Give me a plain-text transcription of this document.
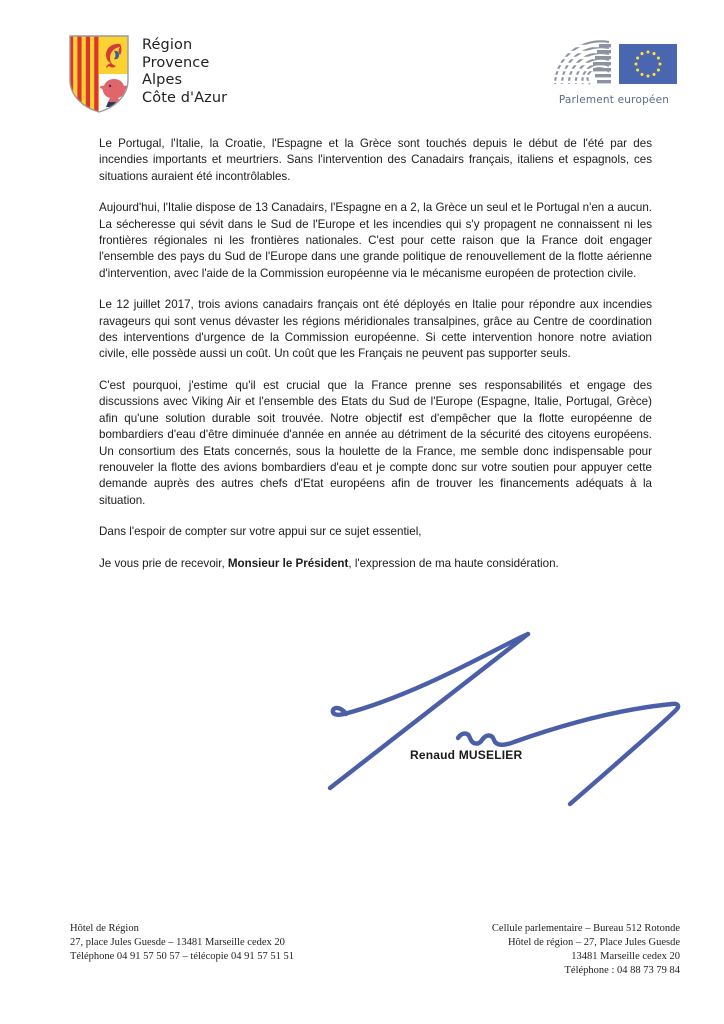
Région
Provence
Alpes
Côte d'Azur	Parlement européen

Le Portugal, l'Italie, la Croatie, l'Espagne et la Grèce sont touchés depuis le début de l'été par des incendies importants et meurtriers. Sans l'intervention des Canadairs français, italiens et espagnols, ces situations auraient été incontrôlables.

Aujourd'hui, l'Italie dispose de 13 Canadairs, l'Espagne en a 2, la Grèce un seul et le Portugal n'en a aucun. La sécheresse qui sévit dans le Sud de l'Europe et les incendies qui s'y propagent ne connaissent ni les frontières régionales ni les frontières nationales. C'est pour cette raison que la France doit engager l'ensemble des pays du Sud de l'Europe dans une grande politique de renouvellement de la flotte aérienne d'intervention, avec l'aide de la Commission européenne via le mécanisme européen de protection civile.

Le 12 juillet 2017, trois avions canadairs français ont été déployés en Italie pour répondre aux incendies ravageurs qui sont venus dévaster les régions méridionales transalpines, grâce au Centre de coordination des interventions d'urgence de la Commission européenne. Si cette intervention honore notre aviation civile, elle possède aussi un coût. Un coût que les Français ne peuvent pas supporter seuls.

C'est pourquoi, j'estime qu'il est crucial que la France prenne ses responsabilités et engage des discussions avec Viking Air et l'ensemble des Etats du Sud de l'Europe (Espagne, Italie, Portugal, Grèce) afin qu'une solution durable soit trouvée. Notre objectif est d'empêcher que la flotte européenne de bombardiers d'eau d'être diminuée d'année en année au détriment de la sécurité des citoyens européens. Un consortium des Etats concernés, sous la houlette de la France, me semble donc indispensable pour renouveler la flotte des avions bombardiers d'eau et je compte donc sur votre soutien pour appuyer cette demande auprès des autres chefs d'Etat européens afin de trouver les financements adéquats à la situation.

Dans l'espoir de compter sur votre appui sur ce sujet essentiel,

Je vous prie de recevoir, Monsieur le Président, l'expression de ma haute considération.

Renaud MUSELIER
Hôtel de Région
27, place Jules Guesde – 13481 Marseille cedex 20
Téléphone 04 91 57 50 57 – télécopie 04 91 57 51 51
Cellule parlementaire – Bureau 512 Rotonde
Hôtel de région – 27, Place Jules Guesde
13481 Marseille cedex 20
Téléphone : 04 88 73 79 84
